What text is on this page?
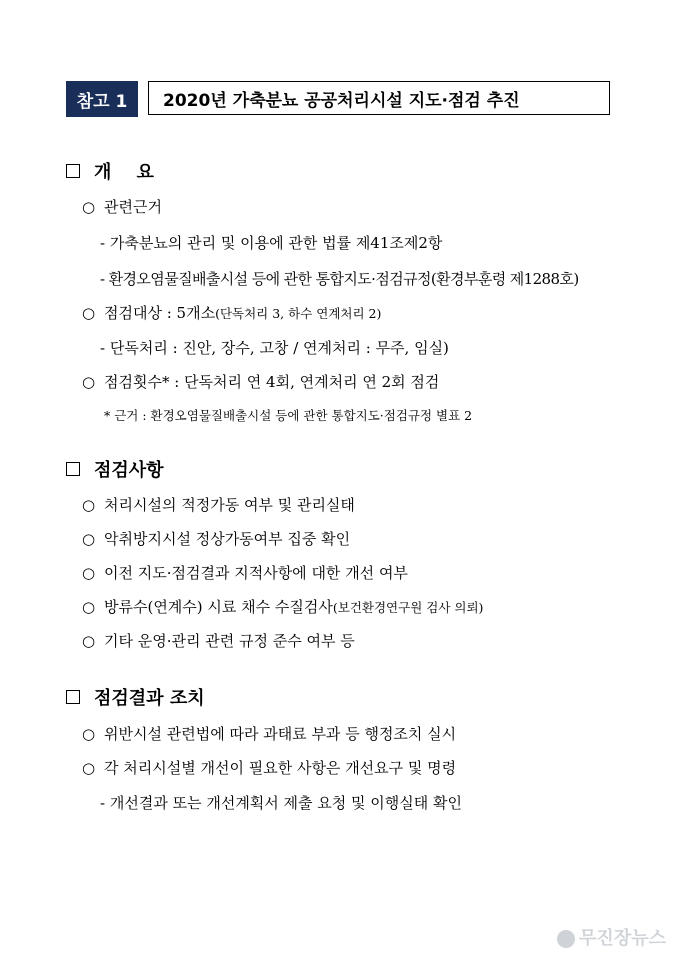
참고 1	2020년 가축분뇨 공공처리시설 지도·점검 추진
개    요
○ 관련근거
- 가축분뇨의 관리 및 이용에 관한 법률 제41조제2항
- 환경오염물질배출시설 등에 관한 통합지도·점검규정(환경부훈령 제1288호)
○ 점검대상 : 5개소(단독처리 3, 하수 연계처리 2)
- 단독처리 : 진안, 장수, 고창 / 연계처리 : 무주, 임실)
○ 점검횟수* : 단독처리 연 4회, 연계처리 연 2회 점검
* 근거 : 환경오염물질배출시설 등에 관한 통합지도·점검규정 별표 2
점검사항
○ 처리시설의 적정가동 여부 및 관리실태
○ 악취방지시설 정상가동여부 집중 확인
○ 이전 지도·점검결과 지적사항에 대한 개선 여부
○ 방류수(연계수) 시료 채수 수질검사(보건환경연구원 검사 의뢰)
○ 기타 운영·관리 관련 규정 준수 여부 등
점검결과 조치
○ 위반시설 관련법에 따라 과태료 부과 등 행정조치 실시
○ 각 처리시설별 개선이 필요한 사항은 개선요구 및 명령
- 개선결과 또는 개선계획서 제출 요청 및 이행실태 확인
무진장뉴스
